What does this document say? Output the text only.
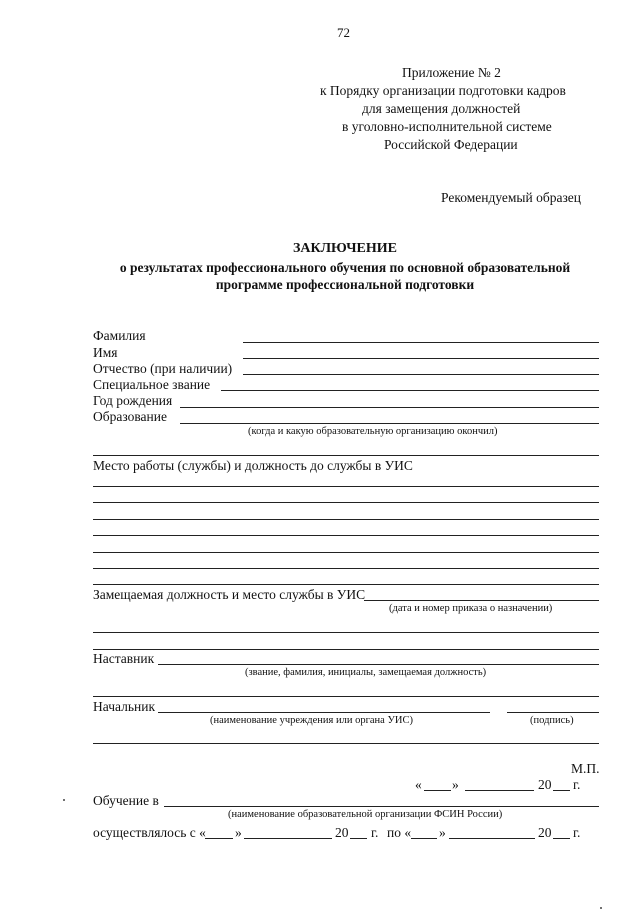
72
Приложение № 2
к Порядку организации подготовки кадров
для замещения должностей
в уголовно-исполнительной системе
Российской Федерации
Рекомендуемый образец
ЗАКЛЮЧЕНИЕ
о результатах профессионального обучения по основной образовательной
программе профессиональной подготовки
Фамилия
Имя
Отчество (при наличии)
Специальное звание
Год рождения
Образование
(когда и какую образовательную организацию окончил)
Место работы (службы) и должность до службы в УИС
Замещаемая должность и место службы в УИС
(дата и номер приказа о назначении)
Наставник
(звание, фамилия, инициалы, замещаемая должность)
Начальник
(наименование учреждения или органа УИС)	(подпись)
М.П.
« »	20 г.
Обучение в
(наименование образовательной организации ФСИН России)
осуществлялось с « »	20 г. по « »	20 г.
